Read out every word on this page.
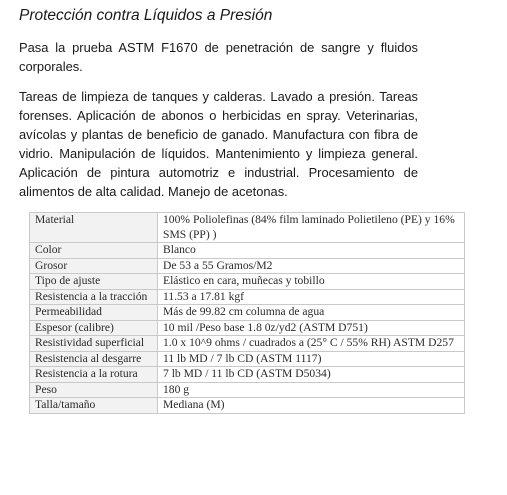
Protección contra Líquidos a Presión

Pasa la prueba ASTM F1670 de penetración de sangre y fluidos corporales.

Tareas de limpieza de tanques y calderas. Lavado a presión. Tareas forenses. Aplicación de abonos o herbicidas en spray. Veterinarias, avícolas y plantas de beneficio de ganado. Manufactura con fibra de vidrio. Manipulación de líquidos. Mantenimiento y limpieza general. Aplicación de pintura automotriz e industrial. Procesamiento de alimentos de alta calidad. Manejo de acetonas.

Material	100% Poliolefinas (84% film laminado Polietileno (PE) y 16% SMS (PP) )
Color	Blanco
Grosor	De 53 a 55 Gramos/M2
Tipo de ajuste	Elástico en cara, muñecas y tobillo
Resistencia a la tracción	11.53 a 17.81 kgf
Permeabilidad	Más de 99.82 cm columna de agua
Espesor (calibre)	10 mil /Peso base 1.8 0z/yd2 (ASTM D751)
Resistividad superficial	1.0 x 10^9 ohms / cuadrados a (25° C / 55% RH) ASTM D257
Resistencia al desgarre	11 lb MD / 7 lb CD (ASTM 1117)
Resistencia a la rotura	7 lb MD / 11 lb CD (ASTM D5034)
Peso	180 g
Talla/tamaño	Mediana (M)
